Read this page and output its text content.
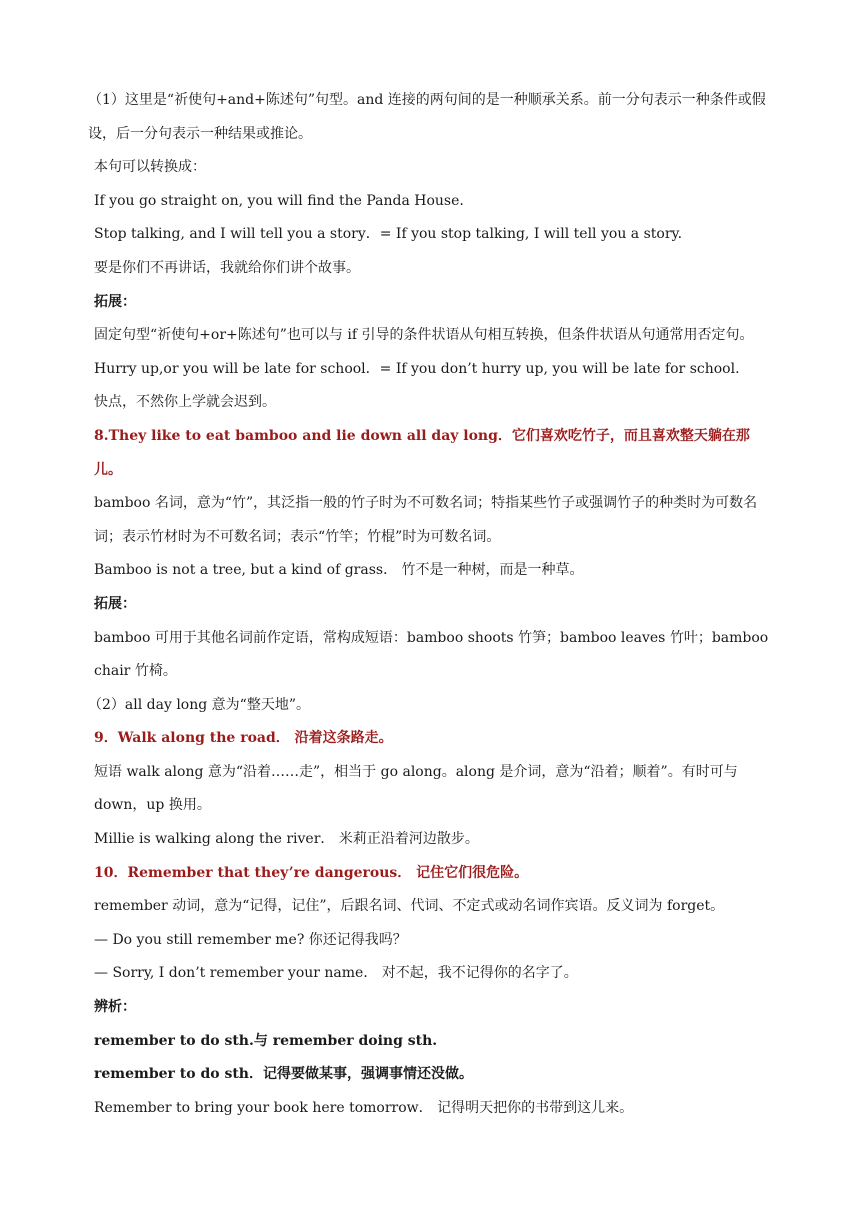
（1）这里是“祈使句+and+陈述句”句型。and 连接的两句间的是一种顺承关系。前一分句表示一种条件或假设，后一分句表示一种结果或推论。

本句可以转换成：

If you go straight on, you will find the Panda House.

Stop talking, and I will tell you a story．= If you stop talking, I will tell you a story.

要是你们不再讲话，我就给你们讲个故事。

拓展：

固定句型“祈使句+or+陈述句”也可以与 if 引导的条件状语从句相互转换，但条件状语从句通常用否定句。

Hurry up,or you will be late for school．= If you don’t hurry up, you will be late for school.

快点，不然你上学就会迟到。

8.They like to eat bamboo and lie down all day long．它们喜欢吃竹子，而且喜欢整天躺在那儿。

bamboo 名词，意为“竹”，其泛指一般的竹子时为不可数名词；特指某些竹子或强调竹子的种类时为可数名词；表示竹材时为不可数名词；表示“竹竿；竹棍”时为可数名词。

Bamboo is not a tree, but a kind of grass． 竹不是一种树，而是一种草。

拓展：

bamboo 可用于其他名词前作定语，常构成短语：bamboo shoots 竹笋；bamboo leaves 竹叶；bamboo chair 竹椅。

（2）all day long 意为“整天地”。

9．Walk along the road． 沿着这条路走。

短语 walk along 意为“沿着……走”，相当于 go along。along 是介词，意为“沿着；顺着”。有时可与 down，up 换用。

Millie is walking along the river． 米莉正沿着河边散步。

10．Remember that they’re dangerous． 记住它们很危险。

remember 动词，意为“记得，记住”，后跟名词、代词、不定式或动名词作宾语。反义词为 forget。

— Do you still remember me? 你还记得我吗？

— Sorry, I don’t remember your name． 对不起，我不记得你的名字了。

辨析：

remember to do sth.与 remember doing sth.

remember to do sth．记得要做某事，强调事情还没做。

Remember to bring your book here tomorrow． 记得明天把你的书带到这儿来。
